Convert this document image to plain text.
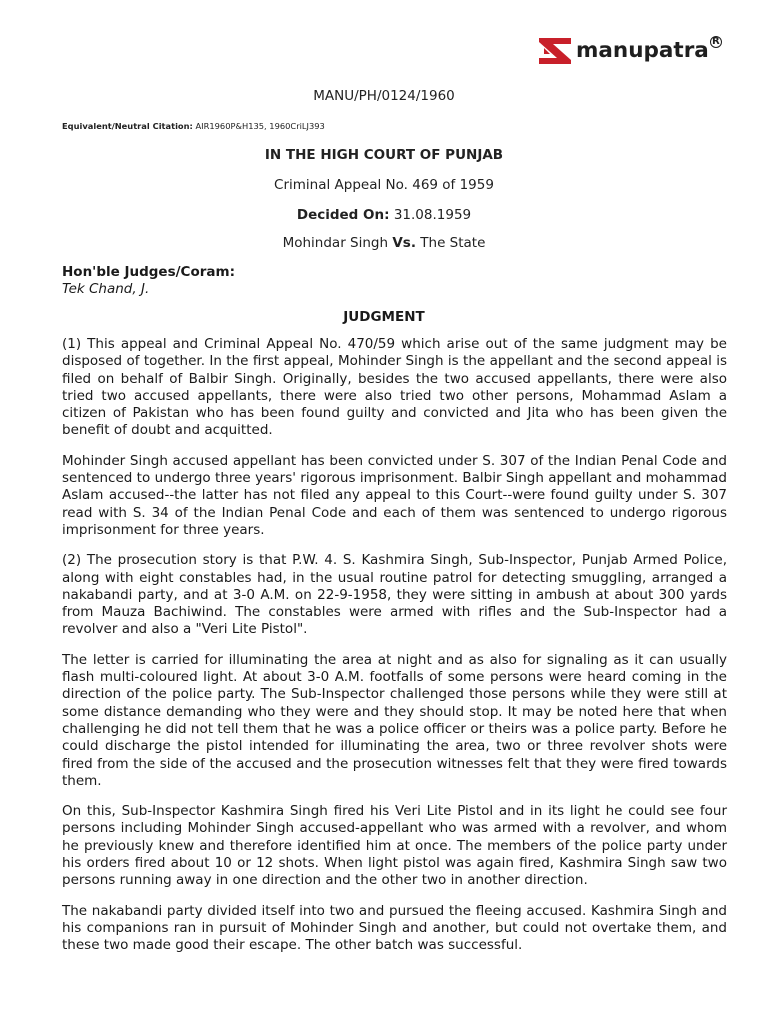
manupatra R
MANU/PH/0124/1960
Equivalent/Neutral Citation: AIR1960P&H135, 1960CriLJ393
IN THE HIGH COURT OF PUNJAB
Criminal Appeal No. 469 of 1959
Decided On: 31.08.1959
Mohindar Singh Vs. The State
Hon'ble Judges/Coram:
Tek Chand, J.
JUDGMENT

(1) This appeal and Criminal Appeal No. 470/59 which arise out of the same judgment may be disposed of together. In the first appeal, Mohinder Singh is the appellant and the second appeal is filed on behalf of Balbir Singh. Originally, besides the two accused appellants, there were also tried two accused appellants, there were also tried two other persons, Mohammad Aslam a citizen of Pakistan who has been found guilty and convicted and Jita who has been given the benefit of doubt and acquitted.

Mohinder Singh accused appellant has been convicted under S. 307 of the Indian Penal Code and sentenced to undergo three years' rigorous imprisonment. Balbir Singh appellant and mohammad Aslam accused--the latter has not filed any appeal to this Court--were found guilty under S. 307 read with S. 34 of the Indian Penal Code and each of them was sentenced to undergo rigorous imprisonment for three years.

(2) The prosecution story is that P.W. 4. S. Kashmira Singh, Sub-Inspector, Punjab Armed Police, along with eight constables had, in the usual routine patrol for detecting smuggling, arranged a nakabandi party, and at 3-0 A.M. on 22-9-1958, they were sitting in ambush at about 300 yards from Mauza Bachiwind. The constables were armed with rifles and the Sub-Inspector had a revolver and also a "Veri Lite Pistol".

The letter is carried for illuminating the area at night and as also for signaling as it can usually flash multi-coloured light. At about 3-0 A.M. footfalls of some persons were heard coming in the direction of the police party. The Sub-Inspector challenged those persons while they were still at some distance demanding who they were and they should stop. It may be noted here that when challenging he did not tell them that he was a police officer or theirs was a police party. Before he could discharge the pistol intended for illuminating the area, two or three revolver shots were fired from the side of the accused and the prosecution witnesses felt that they were fired towards them.

On this, Sub-Inspector Kashmira Singh fired his Veri Lite Pistol and in its light he could see four persons including Mohinder Singh accused-appellant who was armed with a revolver, and whom he previously knew and therefore identified him at once. The members of the police party under his orders fired about 10 or 12 shots. When light pistol was again fired, Kashmira Singh saw two persons running away in one direction and the other two in another direction.

The nakabandi party divided itself into two and pursued the fleeing accused. Kashmira Singh and his companions ran in pursuit of Mohinder Singh and another, but could not overtake them, and these two made good their escape. The other batch was successful.
